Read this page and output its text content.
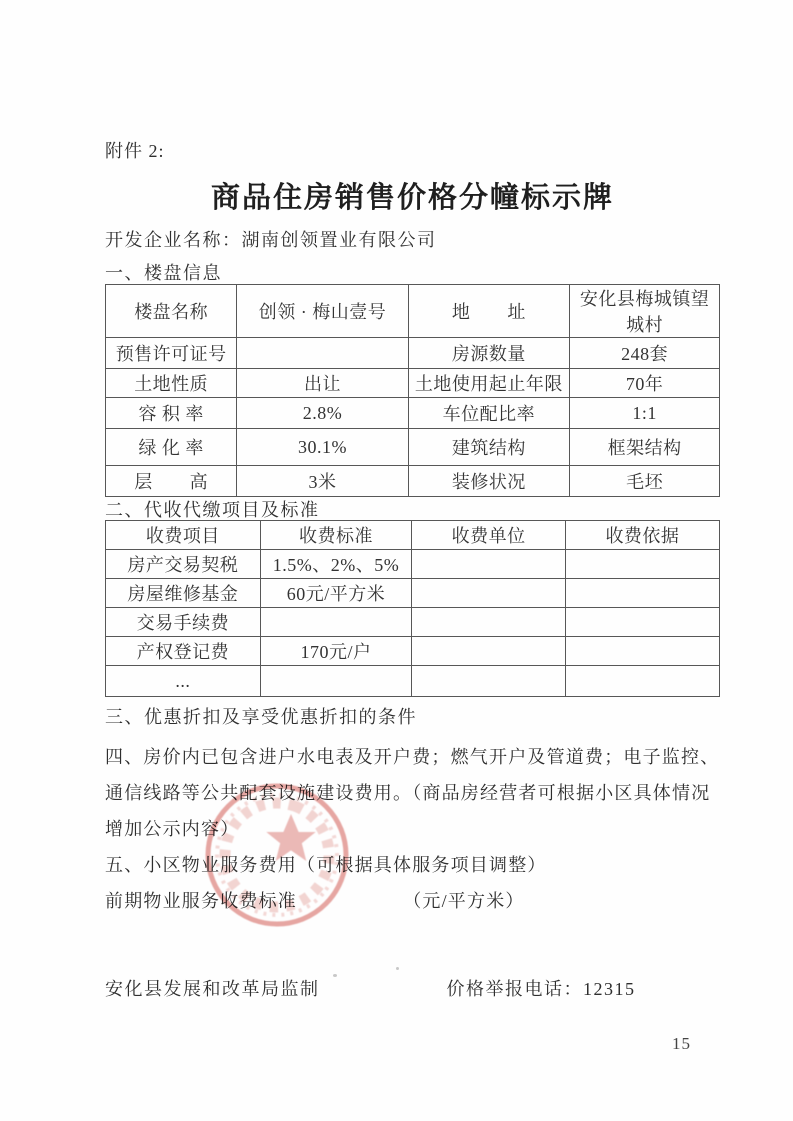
附件 2:
商品住房销售价格分幢标示牌
开发企业名称：湖南创领置业有限公司
一、楼盘信息
楼盘名称	创领 · 梅山壹号	地　　址	安化县梅城镇望城村
预售许可证号		房源数量	248套
土地性质	出让	土地使用起止年限	70年
容 积 率	2.8%	车位配比率	1:1
绿 化 率	30.1%	建筑结构	框架结构
层　　高	3米	装修状况	毛坯
二、代收代缴项目及标准
收费项目	收费标准	收费单位	收费依据
房产交易契税	1.5%、2%、5%		
房屋维修基金	60元/平方米		
交易手续费			
产权登记费	170元/户		
...			
三、优惠折扣及享受优惠折扣的条件
四、房价内已包含进户水电表及开户费；燃气开户及管道费；电子监控、
通信线路等公共配套设施建设费用。（商品房经营者可根据小区具体情况
增加公示内容）
五、小区物业服务费用（可根据具体服务项目调整）
前期物业服务收费标准　　　　　　（元/平方米）
安化县发展和改革局监制	价格举报电话：12315
15
